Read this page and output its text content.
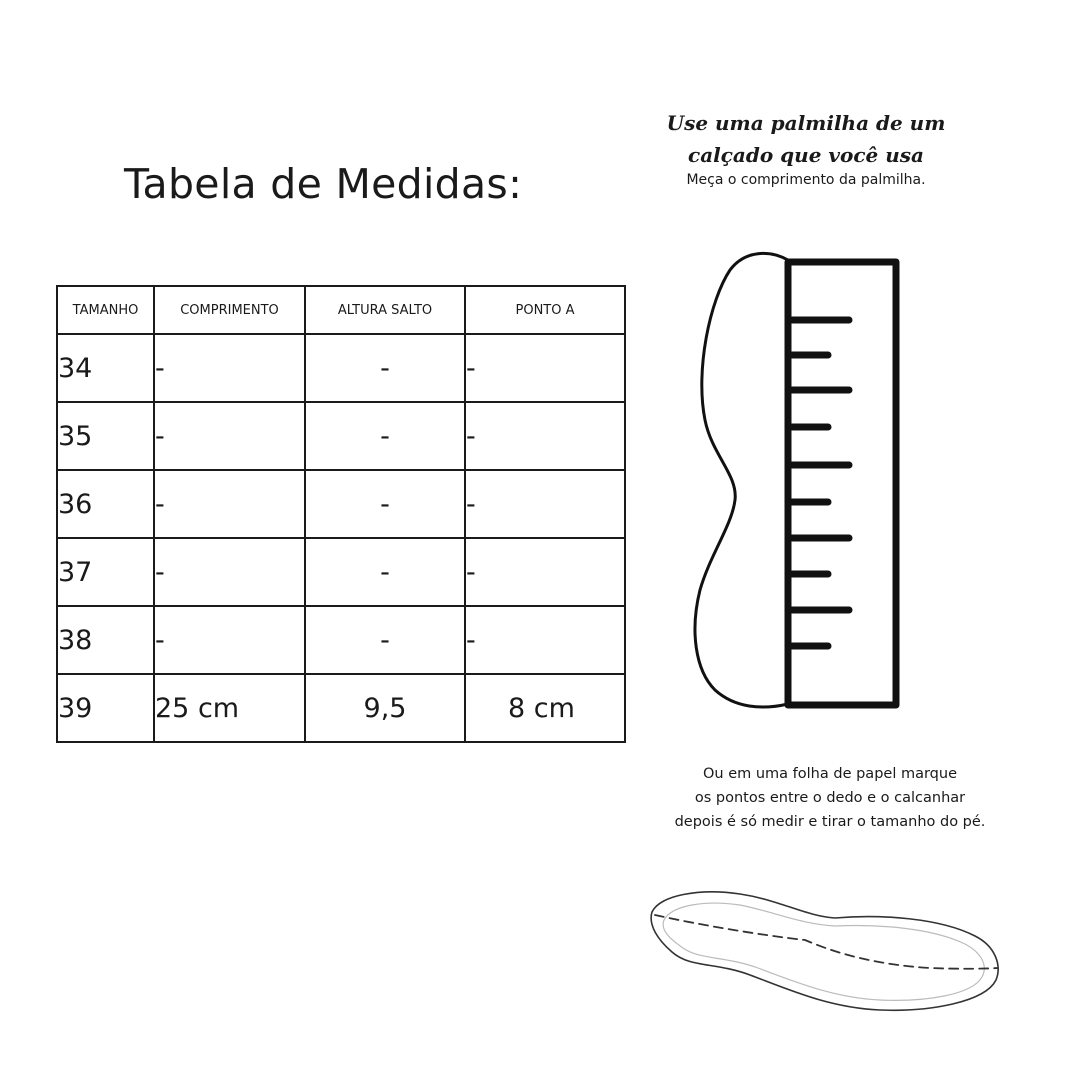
Tabela de Medidas:
TAMANHO	COMPRIMENTO	ALTURA SALTO	PONTO A
34	-	-	-
35	-	-	-
36	-	-	-
37	-	-	-
38	-	-	-
39	25 cm	9,5	8 cm
Use uma palmilha de um
calçado que você usa
Meça o comprimento da palmilha.
Ou em uma folha de papel marque
os pontos entre o dedo e o calcanhar
depois é só medir e tirar o tamanho do pé.
